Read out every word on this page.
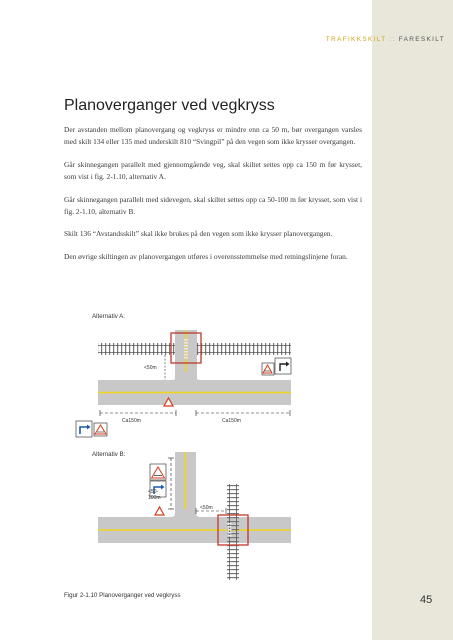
TRAFIKKSKILT :: FARESKILT
Planoverganger ved vegkryss

Der avstanden mellom planovergang og vegkryss er mindre enn ca 50 m, bør overgangen varsles med skilt 134 eller 135 med underskilt 810 “Svingpil” på den vegen som ikke krysser overgangen.

Går skinnegangen parallelt med gjennomgående veg, skal skiltet settes opp ca 150 m før krysset, som vist i fig. 2-1.10, alternativ A.

Går skinnegangen parallelt med sidevegen, skal skiltet settes opp ca 50-100 m før krysset, som vist i fig. 2-1.10, alternativ B.

Skilt 136 “Avstandsskilt” skal ikke brukes på den vegen som ikke krysser planovergangen.

Den øvrige skiltingen av planovergangen utføres i overensstemmelse med retningslinjene foran.

Alternativ A:
<50m
Ca150m	Ca150m
Alternativ B:
<50-
100m
<50m
Figur 2-1.10 Planoverganger ved vegkryss	45
